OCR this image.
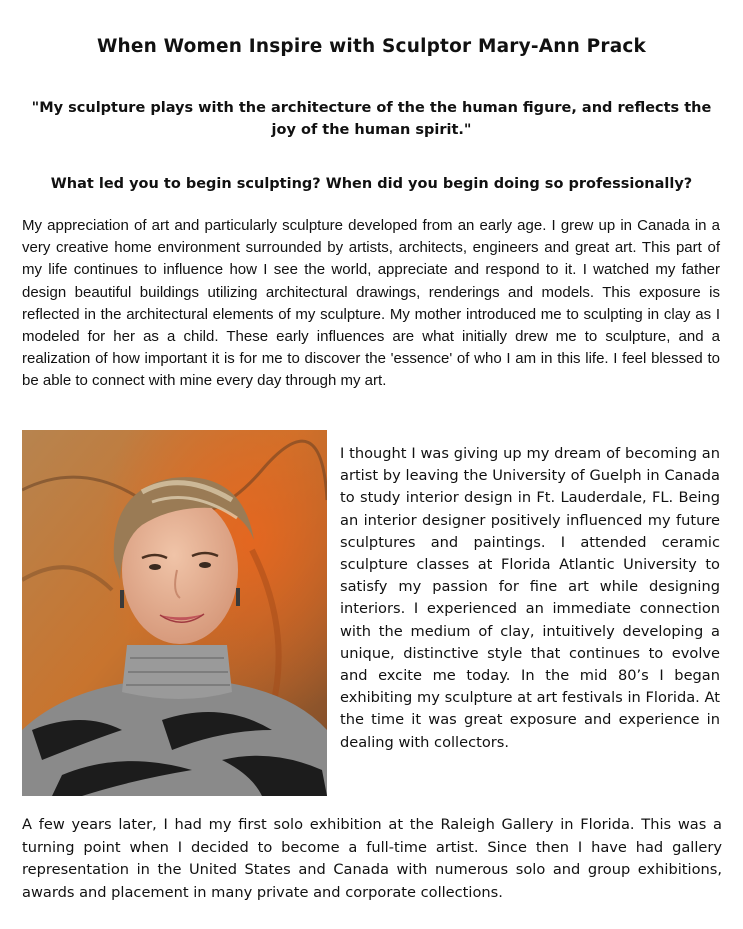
When Women Inspire with Sculptor Mary-Ann Prack

"My sculpture plays with the architecture of the the human figure, and reflects the joy of the human spirit."

What led you to begin sculpting? When did you begin doing so professionally?

My appreciation of art and particularly sculpture developed from an early age. I grew up in Canada in a very creative home environment surrounded by artists, architects, engineers and great art. This part of my life continues to influence how I see the world, appreciate and respond to it. I watched my father design beautiful buildings utilizing architectural drawings, renderings and models. This exposure is reflected in the architectural elements of my sculpture. My mother introduced me to sculpting in clay as I modeled for her as a child. These early influences are what initially drew me to sculpture, and a realization of how important it is for me to discover the 'essence' of who I am in this life. I feel blessed to be able to connect with mine every day through my art.

I thought I was giving up my dream of becoming an artist by leaving the University of Guelph in Canada to study interior design in Ft. Lauderdale, FL. Being an interior designer positively influenced my future sculptures and paintings. I attended ceramic sculpture classes at Florida Atlantic University to satisfy my passion for fine art while designing interiors. I experienced an immediate connection with the medium of clay, intuitively developing a unique, distinctive style that continues to evolve and excite me today. In the mid 80’s I began exhibiting my sculpture at art festivals in Florida. At the time it was great exposure and experience in dealing with collectors.

A few years later, I had my first solo exhibition at the Raleigh Gallery in Florida. This was a turning point when I decided to become a full-time artist. Since then I have had gallery representation in the United States and Canada with numerous solo and group exhibitions, awards and placement in many private and corporate collections.
